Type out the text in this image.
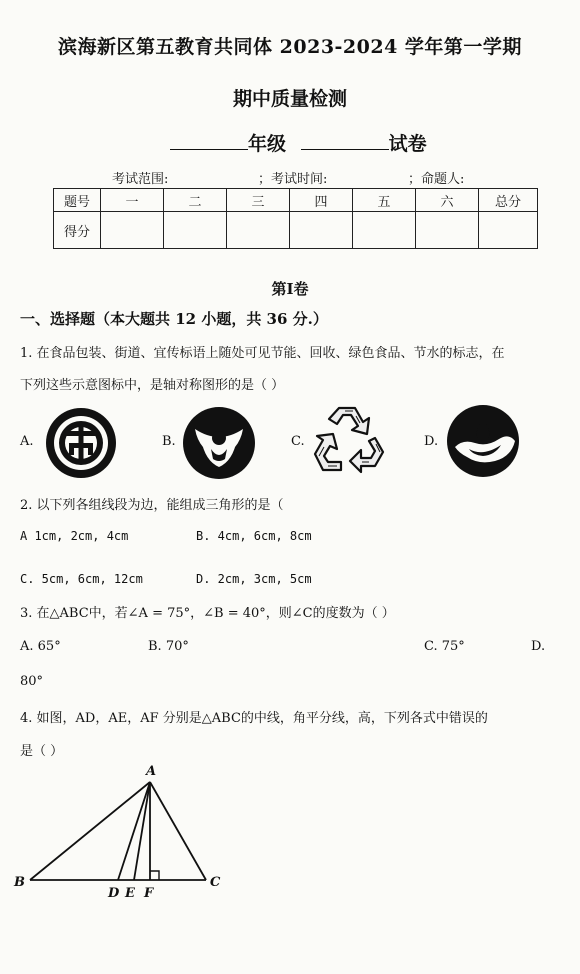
滨海新区第五教育共同体 2023-2024 学年第一学期
期中质量检测
年级	试卷
考试范围:	；考试时间:	；命题人:
题号	一	二	三	四	五	六	总分
得分							
第Ⅰ卷
一、选择题（本大题共 12 小题，共 36 分.）
1. 在食品包装、街道、宜传标语上随处可见节能、回收、绿色食品、节水的标志，在
下列这些示意图标中，是轴对称图形的是（ ）
A.	B.	C.	D.
2. 以下列各组线段为边，能组成三角形的是（
A 1cm, 2cm, 4cm	B. 4cm, 6cm, 8cm
C. 5cm, 6cm, 12cm	D. 2cm, 3cm, 5cm
3. 在△ABC中，若∠A = 75°，∠B = 40°，则∠C的度数为（ ）
A. 65°	B. 70°	C. 75°	D.
80°
4. 如图，AD，AE，AF 分别是△ABC的中线，角平分线，高，下列各式中错误的
是（ ）
A
B	C
D E F
